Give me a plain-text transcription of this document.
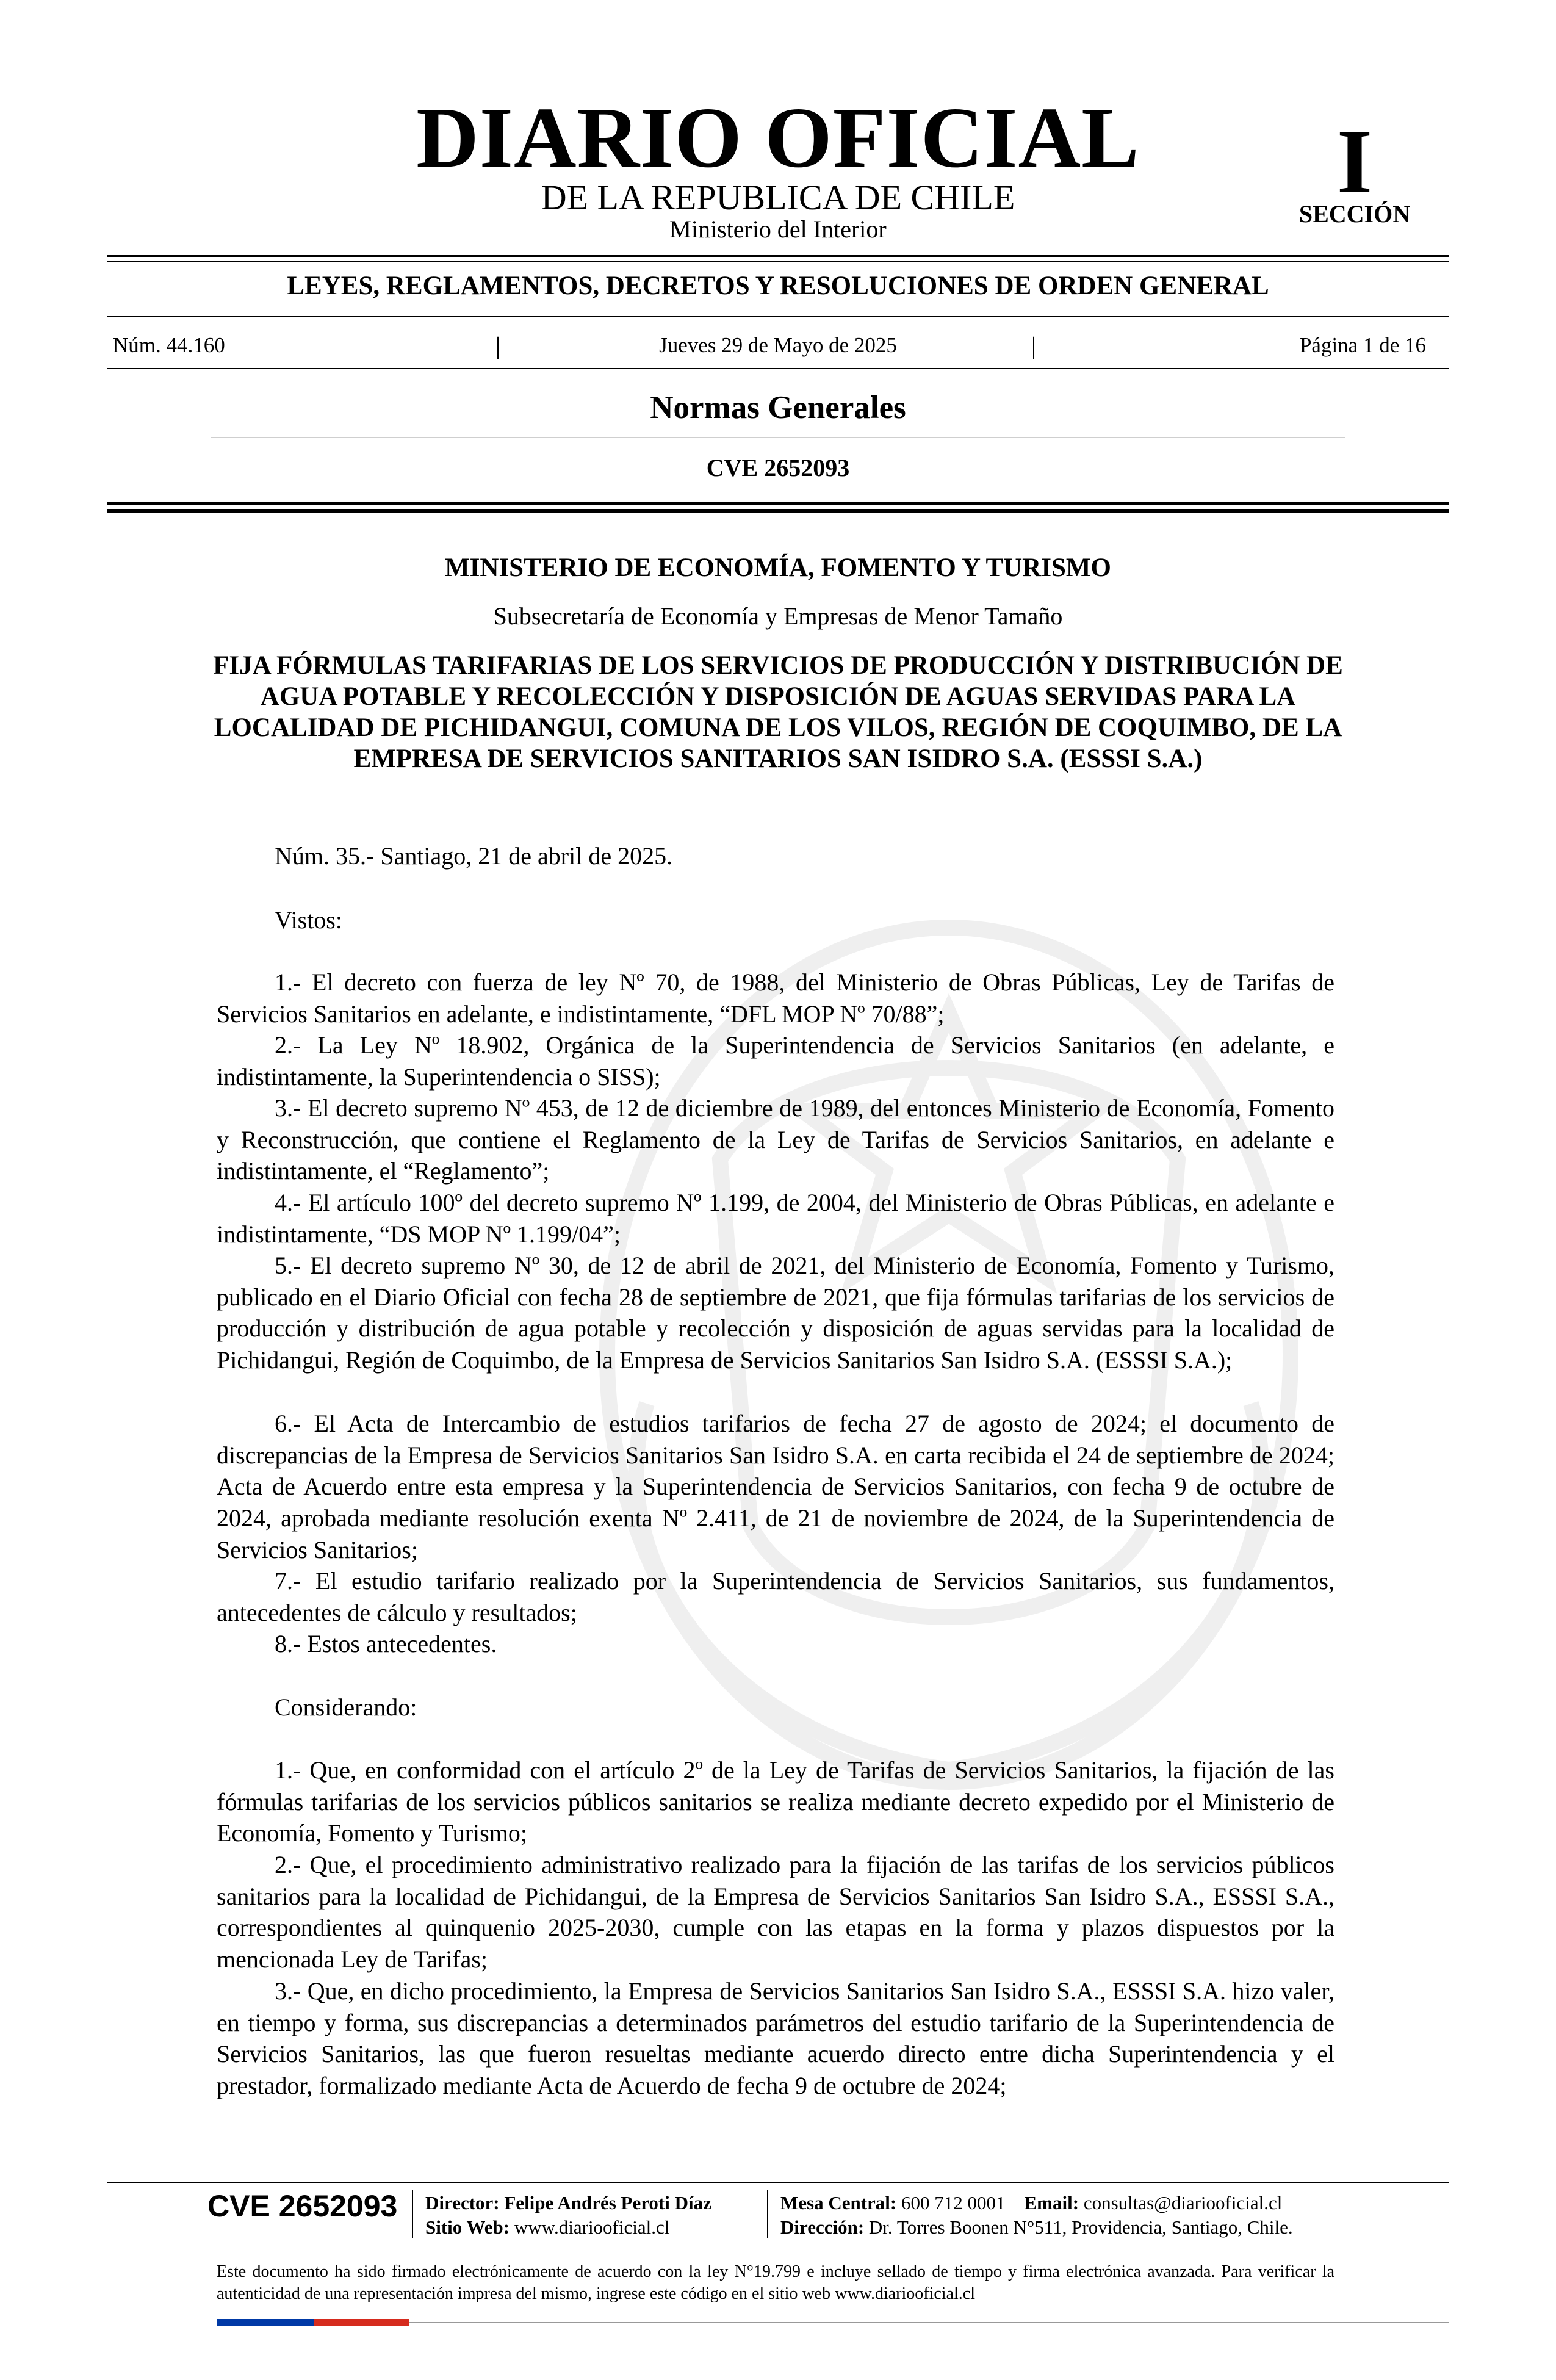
DIARIO OFICIAL
DE LA REPUBLICA DE CHILE
Ministerio del Interior
I
SECCIÓN
LEYES, REGLAMENTOS, DECRETOS Y RESOLUCIONES DE ORDEN GENERAL
Núm. 44.160	|	Jueves 29 de Mayo de 2025	|	Página 1 de 16
Normas Generales
CVE 2652093
MINISTERIO DE ECONOMÍA, FOMENTO Y TURISMO
Subsecretaría de Economía y Empresas de Menor Tamaño
FIJA FÓRMULAS TARIFARIAS DE LOS SERVICIOS DE PRODUCCIÓN Y DISTRIBUCIÓN DE AGUA POTABLE Y RECOLECCIÓN Y DISPOSICIÓN DE AGUAS SERVIDAS PARA LA LOCALIDAD DE PICHIDANGUI, COMUNA DE LOS VILOS, REGIÓN DE COQUIMBO, DE LA EMPRESA DE SERVICIOS SANITARIOS SAN ISIDRO S.A. (ESSSI S.A.)
Núm. 35.- Santiago, 21 de abril de 2025.
Vistos:
1.- El decreto con fuerza de ley Nº 70, de 1988, del Ministerio de Obras Públicas, Ley de Tarifas de Servicios Sanitarios en adelante, e indistintamente, “DFL MOP Nº 70/88”;
2.- La Ley Nº 18.902, Orgánica de la Superintendencia de Servicios Sanitarios (en adelante, e indistintamente, la Superintendencia o SISS);
3.- El decreto supremo Nº 453, de 12 de diciembre de 1989, del entonces Ministerio de Economía, Fomento y Reconstrucción, que contiene el Reglamento de la Ley de Tarifas de Servicios Sanitarios, en adelante e indistintamente, el “Reglamento”;
4.- El artículo 100º del decreto supremo Nº 1.199, de 2004, del Ministerio de Obras Públicas, en adelante e indistintamente, “DS MOP Nº 1.199/04”;
5.- El decreto supremo Nº 30, de 12 de abril de 2021, del Ministerio de Economía, Fomento y Turismo, publicado en el Diario Oficial con fecha 28 de septiembre de 2021, que fija fórmulas tarifarias de los servicios de producción y distribución de agua potable y recolección y disposición de aguas servidas para la localidad de Pichidangui, Región de Coquimbo, de la Empresa de Servicios Sanitarios San Isidro S.A. (ESSSI S.A.);
6.- El Acta de Intercambio de estudios tarifarios de fecha 27 de agosto de 2024; el documento de discrepancias de la Empresa de Servicios Sanitarios San Isidro S.A. en carta recibida el 24 de septiembre de 2024; Acta de Acuerdo entre esta empresa y la Superintendencia de Servicios Sanitarios, con fecha 9 de octubre de 2024, aprobada mediante resolución exenta Nº 2.411, de 21 de noviembre de 2024, de la Superintendencia de Servicios Sanitarios;
7.- El estudio tarifario realizado por la Superintendencia de Servicios Sanitarios, sus fundamentos, antecedentes de cálculo y resultados;
8.- Estos antecedentes.
Considerando:
1.- Que, en conformidad con el artículo 2º de la Ley de Tarifas de Servicios Sanitarios, la fijación de las fórmulas tarifarias de los servicios públicos sanitarios se realiza mediante decreto expedido por el Ministerio de Economía, Fomento y Turismo;
2.- Que, el procedimiento administrativo realizado para la fijación de las tarifas de los servicios públicos sanitarios para la localidad de Pichidangui, de la Empresa de Servicios Sanitarios San Isidro S.A., ESSSI S.A., correspondientes al quinquenio 2025-2030, cumple con las etapas en la forma y plazos dispuestos por la mencionada Ley de Tarifas;
3.- Que, en dicho procedimiento, la Empresa de Servicios Sanitarios San Isidro S.A., ESSSI S.A. hizo valer, en tiempo y forma, sus discrepancias a determinados parámetros del estudio tarifario de la Superintendencia de Servicios Sanitarios, las que fueron resueltas mediante acuerdo directo entre dicha Superintendencia y el prestador, formalizado mediante Acta de Acuerdo de fecha 9 de octubre de 2024;
CVE 2652093 Director: Felipe Andrés Peroti Díaz
Sitio Web: www.diariooficial.cl
Mesa Central: 600 712 0001 Email: consultas@diariooficial.cl
Dirección: Dr. Torres Boonen N°511, Providencia, Santiago, Chile.
Este documento ha sido firmado electrónicamente de acuerdo con la ley N°19.799 e incluye sellado de tiempo y firma electrónica avanzada. Para verificar la autenticidad de una representación impresa del mismo, ingrese este código en el sitio web www.diariooficial.cl
